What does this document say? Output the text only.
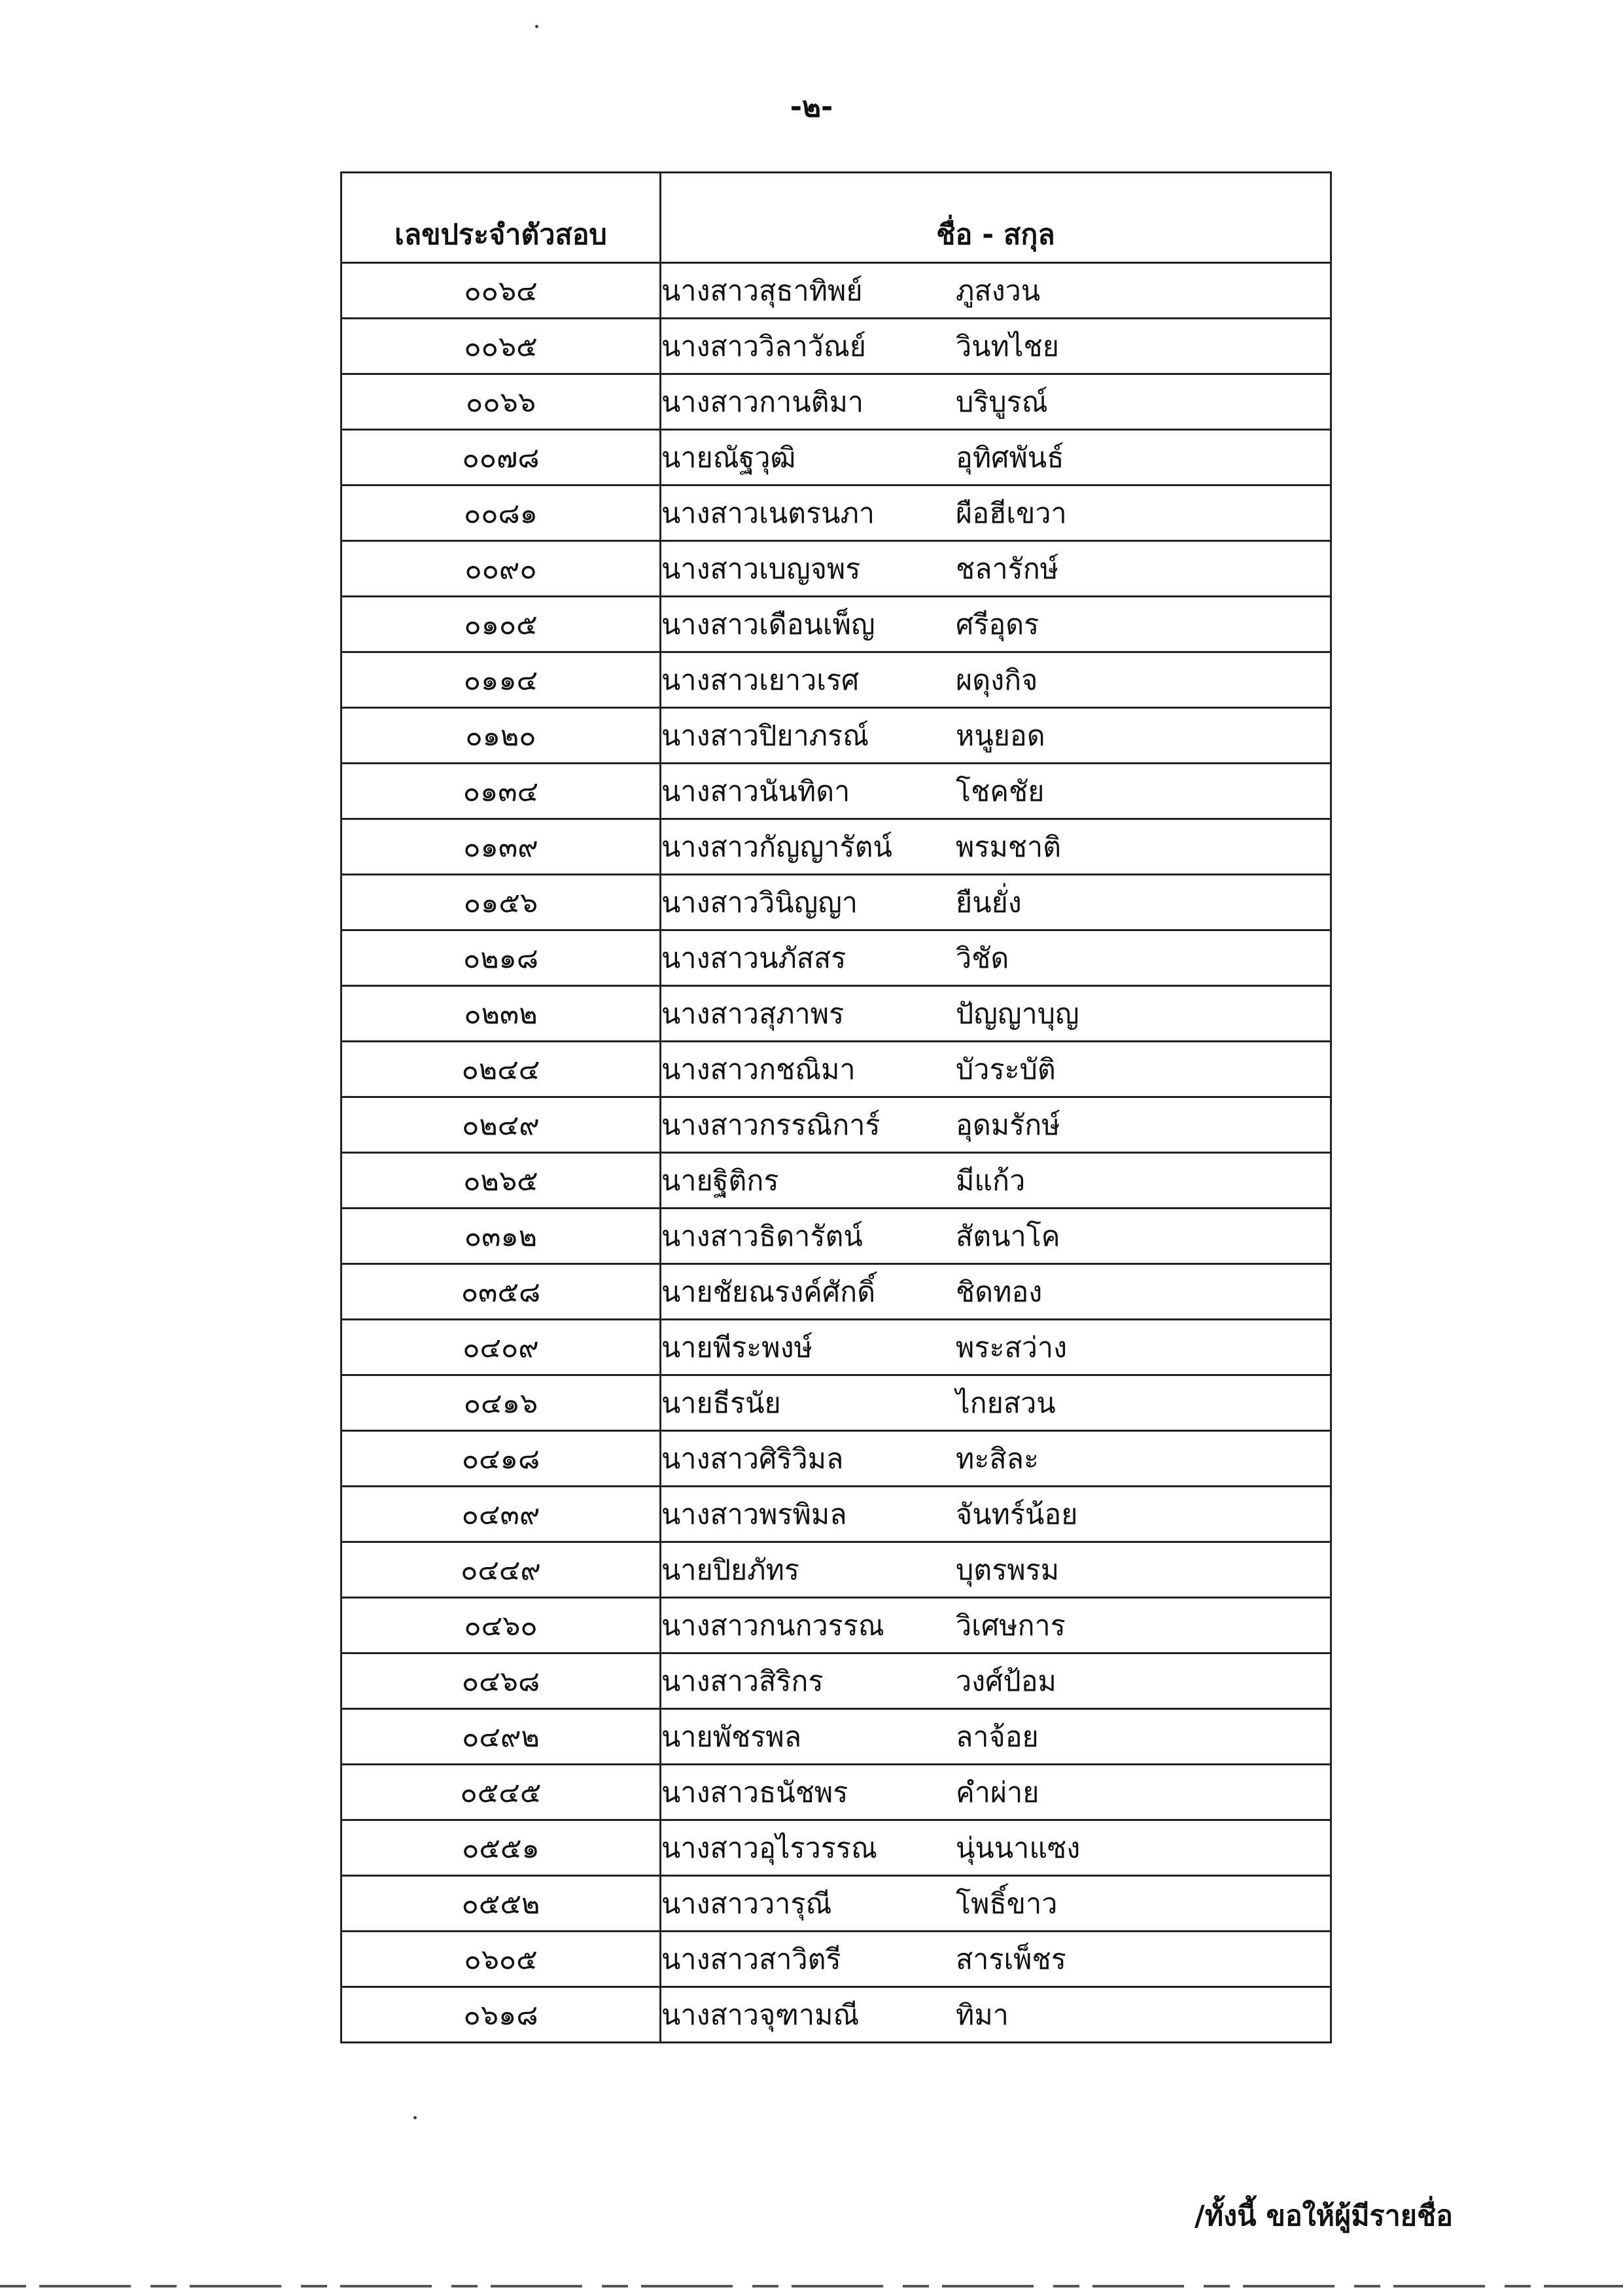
-๒-
เลขประจำตัวสอบ	ชื่อ - สกุล
๐๐๖๔	นางสาวสุธาทิพย์ ภูสงวน
๐๐๖๕	นางสาววิลาวัณย์ วินทไชย
๐๐๖๖	นางสาวกานติมา บริบูรณ์
๐๐๗๘	นายณัฐวุฒิ อุทิศพันธ์
๐๐๘๑	นางสาวเนตรนภา ผือฮีเขวา
๐๐๙๐	นางสาวเบญจพร ชลารักษ์
๐๑๐๕	นางสาวเดือนเพ็ญ ศรีอุดร
๐๑๑๔	นางสาวเยาวเรศ ผดุงกิจ
๐๑๒๐	นางสาวปิยาภรณ์ หนูยอด
๐๑๓๔	นางสาวนันทิดา โชคชัย
๐๑๓๙	นางสาวกัญญารัตน์ พรมชาติ
๐๑๕๖	นางสาววินิญญา ยืนยั่ง
๐๒๑๘	นางสาวนภัสสร วิชัด
๐๒๓๒	นางสาวสุภาพร ปัญญาบุญ
๐๒๔๔	นางสาวกชณิมา บัวระบัติ
๐๒๔๙	นางสาวกรรณิการ์ อุดมรักษ์
๐๒๖๕	นายฐิติกร มีแก้ว
๐๓๑๒	นางสาวธิดารัตน์ สัตนาโค
๐๓๕๘	นายชัยณรงค์ศักดิ์ ชิดทอง
๐๔๐๙	นายพีระพงษ์ พระสว่าง
๐๔๑๖	นายธีรนัย ไกยสวน
๐๔๑๘	นางสาวศิริวิมล ทะสิละ
๐๔๓๙	นางสาวพรพิมล จันทร์น้อย
๐๔๔๙	นายปิยภัทร บุตรพรม
๐๔๖๐	นางสาวกนกวรรณ วิเศษการ
๐๔๖๘	นางสาวสิริกร วงศ์ป้อม
๐๔๙๒	นายพัชรพล ลาจ้อย
๐๕๔๕	นางสาวธนัชพร คำผ่าย
๐๕๕๑	นางสาวอุไรวรรณ นุ่นนาแซง
๐๕๕๒	นางสาววารุณี โพธิ์ขาว
๐๖๐๕	นางสาวสาวิตรี สารเพ็ชร
๐๖๑๘	นางสาวจุฑามณี ทิมา
/ทั้งนี้ ขอให้ผู้มีรายชื่อ
